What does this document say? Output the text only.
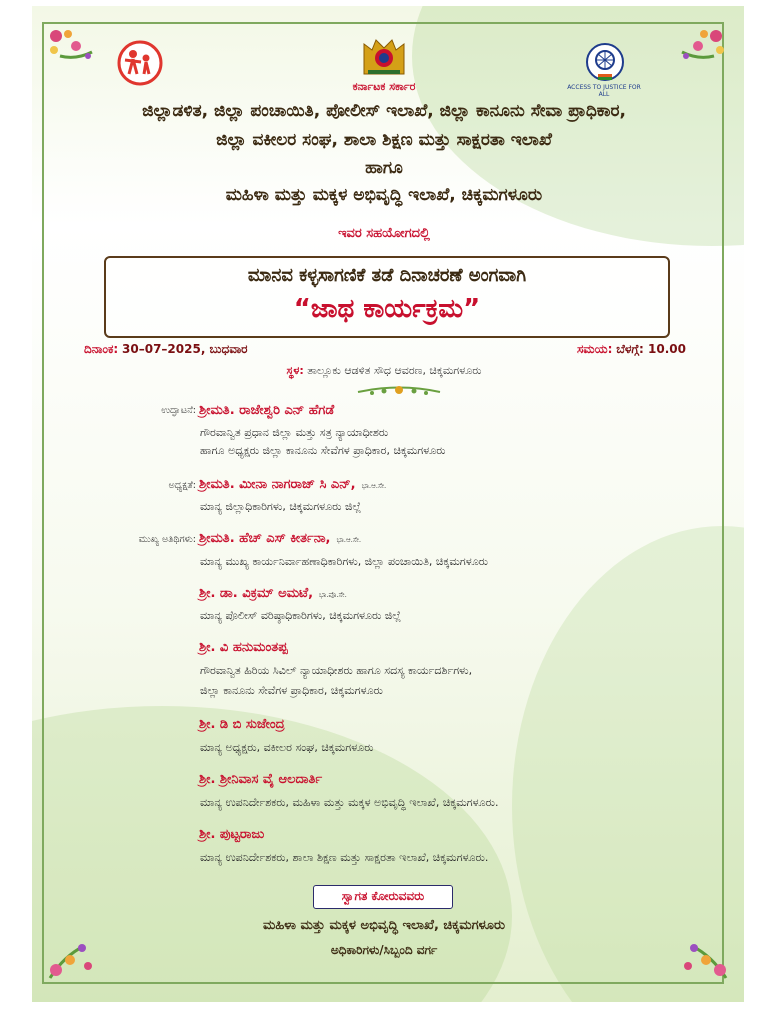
ACCESS TO JUSTICE FOR ALL
ಕರ್ನಾಟಕ ಸರ್ಕಾರ
ಜಿಲ್ಲಾಡಳಿತ, ಜಿಲ್ಲಾ ಪಂಚಾಯಿತಿ, ಪೋಲೀಸ್ ಇಲಾಖೆ, ಜಿಲ್ಲಾ ಕಾನೂನು ಸೇವಾ ಪ್ರಾಧಿಕಾರ,
ಜಿಲ್ಲಾ ವಕೀಲರ ಸಂಘ, ಶಾಲಾ ಶಿಕ್ಷಣ ಮತ್ತು ಸಾಕ್ಷರತಾ ಇಲಾಖೆ
ಹಾಗೂ
ಮಹಿಳಾ ಮತ್ತು ಮಕ್ಕಳ ಅಭಿವೃದ್ಧಿ ಇಲಾಖೆ, ಚಿಕ್ಕಮಗಳೂರು
ಇವರ ಸಹಯೋಗದಲ್ಲಿ
ಮಾನವ ಕಳ್ಳಸಾಗಣಿಕೆ ತಡೆ ದಿನಾಚರಣೆ ಅಂಗವಾಗಿ
“ಜಾಥ ಕಾರ್ಯಕ್ರಮ”
ದಿನಾಂಕ: 30–07–2025, ಬುಧವಾರ	ಸಮಯ: ಬೆಳಗ್ಗೆ: 10.00
ಸ್ಥಳ: ತಾಲ್ಲೂಕು ಆಡಳಿತ ಸೌಧ ಆವರಣ, ಚಿಕ್ಕಮಗಳೂರು
ಉದ್ಘಾಟನೆ: ಶ್ರೀಮತಿ. ರಾಜೇಶ್ವರಿ ಎನ್ ಹೆಗಡೆ
ಗೌರವಾನ್ವಿತ ಪ್ರಧಾನ ಜಿಲ್ಲಾ ಮತ್ತು ಸತ್ರ ನ್ಯಾಯಾಧೀಶರು
ಹಾಗೂ ಅಧ್ಯಕ್ಷರು ಜಿಲ್ಲಾ ಕಾನೂನು ಸೇವೆಗಳ ಪ್ರಾಧಿಕಾರ, ಚಿಕ್ಕಮಗಳೂರು
ಅಧ್ಯಕ್ಷತೆ: ಶ್ರೀಮತಿ. ಮೀನಾ ನಾಗರಾಜ್ ಸಿ ಎನ್, ಭಾ.ಆ.ಸೇ.
ಮಾನ್ಯ ಜಿಲ್ಲಾಧಿಕಾರಿಗಳು, ಚಿಕ್ಕಮಗಳೂರು ಜಿಲ್ಲೆ
ಮುಖ್ಯ ಅತಿಥಿಗಳು: ಶ್ರೀಮತಿ. ಹೆಚ್ ಎಸ್ ಕೀರ್ತನಾ, ಭಾ.ಆ.ಸೇ.
ಮಾನ್ಯ ಮುಖ್ಯ ಕಾರ್ಯನಿರ್ವಾಹಣಾಧಿಕಾರಿಗಳು, ಜಿಲ್ಲಾ ಪಂಚಾಯಿತಿ, ಚಿಕ್ಕಮಗಳೂರು
ಶ್ರೀ. ಡಾ. ವಿಕ್ರಮ್ ಅಮಟೆ, ಭಾ.ಪೊ.ಸೇ.
ಮಾನ್ಯ ಪೊಲೀಸ್ ವರಿಷ್ಠಾಧಿಕಾರಿಗಳು, ಚಿಕ್ಕಮಗಳೂರು ಜಿಲ್ಲೆ
ಶ್ರೀ. ವಿ ಹನುಮಂತಪ್ಪ
ಗೌರವಾನ್ವಿತ ಹಿರಿಯ ಸಿವಿಲ್ ನ್ಯಾಯಾಧೀಶರು ಹಾಗೂ ಸದಸ್ಯ ಕಾರ್ಯದರ್ಶಿಗಳು,
ಜಿಲ್ಲಾ ಕಾನೂನು ಸೇವೆಗಳ ಪ್ರಾಧಿಕಾರ, ಚಿಕ್ಕಮಗಳೂರು
ಶ್ರೀ. ಡಿ ಬಿ ಸುಜೇಂದ್ರ
ಮಾನ್ಯ ಅಧ್ಯಕ್ಷರು, ವಕೀಲರ ಸಂಘ, ಚಿಕ್ಕಮಗಳೂರು
ಶ್ರೀ. ಶ್ರೀನಿವಾಸ ವೈ ಆಲದಾರ್ತಿ
ಮಾನ್ಯ ಉಪನಿರ್ದೇಶಕರು, ಮಹಿಳಾ ಮತ್ತು ಮಕ್ಕಳ ಅಭಿವೃದ್ಧಿ ಇಲಾಖೆ, ಚಿಕ್ಕಮಗಳೂರು.
ಶ್ರೀ. ಪುಟ್ಟರಾಜು
ಮಾನ್ಯ ಉಪನಿರ್ದೇಶಕರು, ಶಾಲಾ ಶಿಕ್ಷಣ ಮತ್ತು ಸಾಕ್ಷರತಾ ಇಲಾಖೆ, ಚಿಕ್ಕಮಗಳೂರು.
ಸ್ವಾಗತ ಕೋರುವವರು
ಮಹಿಳಾ ಮತ್ತು ಮಕ್ಕಳ ಅಭಿವೃದ್ಧಿ ಇಲಾಖೆ, ಚಿಕ್ಕಮಗಳೂರು
ಅಧಿಕಾರಿಗಳು/ಸಿಬ್ಬಂದಿ ವರ್ಗ
